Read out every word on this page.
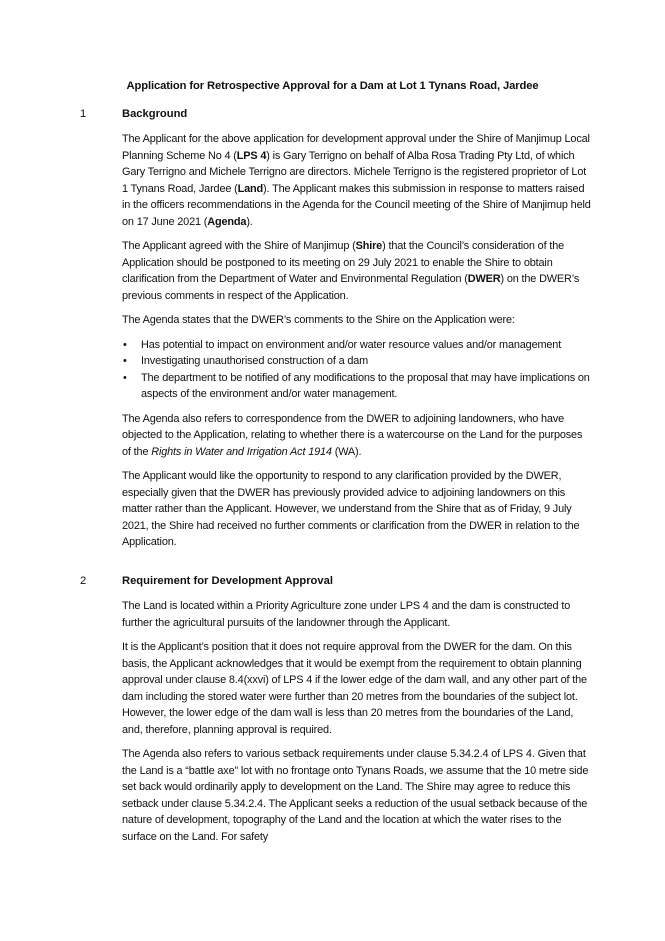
Application for Retrospective Approval for a Dam at Lot 1 Tynans Road, Jardee
1	Background

The Applicant for the above application for development approval under the Shire of Manjimup Local Planning Scheme No 4 (LPS 4) is Gary Terrigno on behalf of Alba Rosa Trading Pty Ltd, of which Gary Terrigno and Michele Terrigno are directors. Michele Terrigno is the registered proprietor of Lot 1 Tynans Road, Jardee (Land). The Applicant makes this submission in response to matters raised in the officers recommendations in the Agenda for the Council meeting of the Shire of Manjimup held on 17 June 2021 (Agenda).

The Applicant agreed with the Shire of Manjimup (Shire) that the Council’s consideration of the Application should be postponed to its meeting on 29 July 2021 to enable the Shire to obtain clarification from the Department of Water and Environmental Regulation (DWER) on the DWER’s previous comments in respect of the Application.

The Agenda states that the DWER’s comments to the Shire on the Application were:

• Has potential to impact on environment and/or water resource values and/or management
• Investigating unauthorised construction of a dam
• The department to be notified of any modifications to the proposal that may have implications on aspects of the environment and/or water management.

The Agenda also refers to correspondence from the DWER to adjoining landowners, who have objected to the Application, relating to whether there is a watercourse on the Land for the purposes of the Rights in Water and Irrigation Act 1914 (WA).

The Applicant would like the opportunity to respond to any clarification provided by the DWER, especially given that the DWER has previously provided advice to adjoining landowners on this matter rather than the Applicant. However, we understand from the Shire that as of Friday, 9 July 2021, the Shire had received no further comments or clarification from the DWER in relation to the Application.

2	Requirement for Development Approval

The Land is located within a Priority Agriculture zone under LPS 4 and the dam is constructed to further the agricultural pursuits of the landowner through the Applicant.

It is the Applicant’s position that it does not require approval from the DWER for the dam. On this basis, the Applicant acknowledges that it would be exempt from the requirement to obtain planning approval under clause 8.4(xxvi) of LPS 4 if the lower edge of the dam wall, and any other part of the dam including the stored water were further than 20 metres from the boundaries of the subject lot. However, the lower edge of the dam wall is less than 20 metres from the boundaries of the Land, and, therefore, planning approval is required.

The Agenda also refers to various setback requirements under clause 5.34.2.4 of LPS 4. Given that the Land is a “battle axe” lot with no frontage onto Tynans Roads, we assume that the 10 metre side set back would ordinarily apply to development on the Land. The Shire may agree to reduce this setback under clause 5.34.2.4. The Applicant seeks a reduction of the usual setback because of the nature of development, topography of the Land and the location at which the water rises to the surface on the Land. For safety
